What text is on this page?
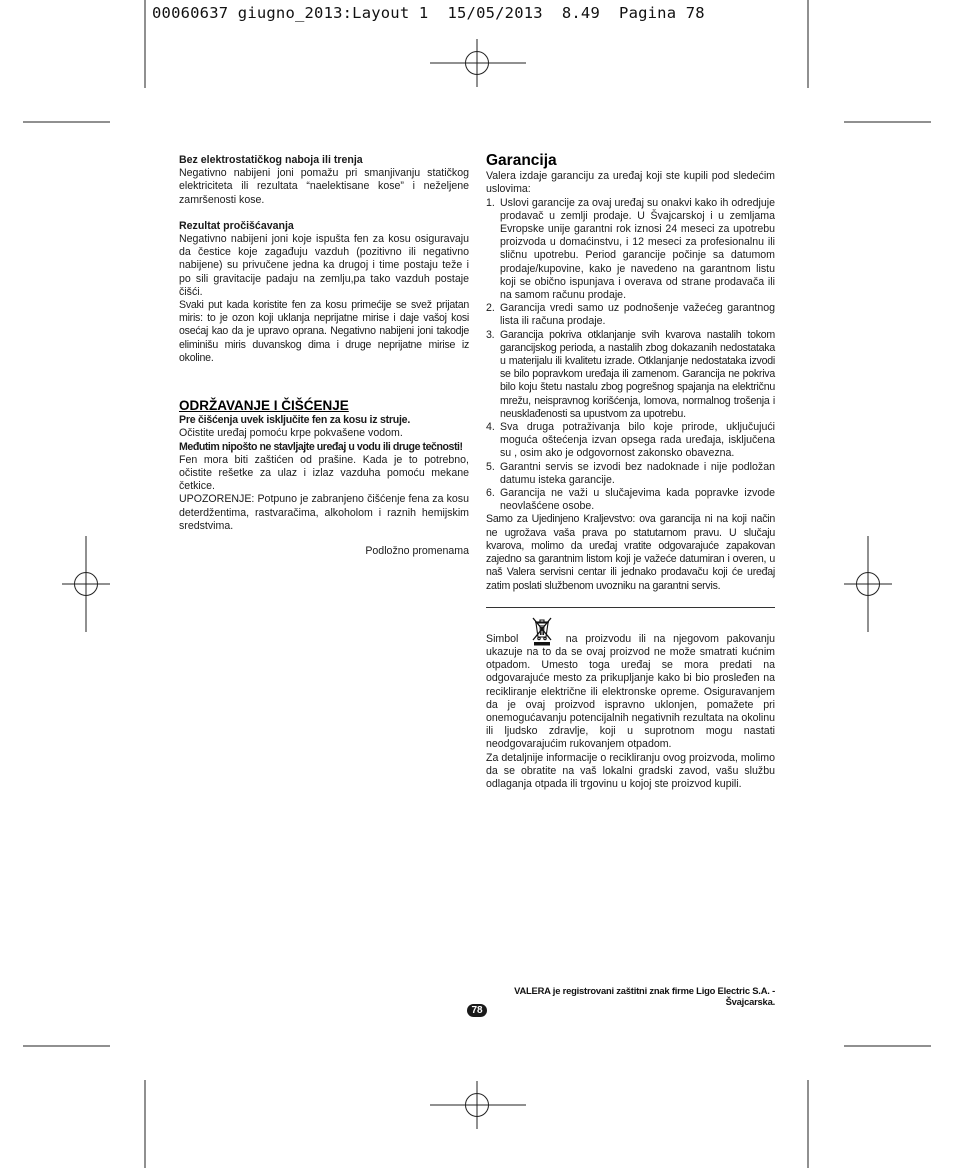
00060637 giugno_2013:Layout 1  15/05/2013  8.49  Pagina 78

Bez elektrostatičkog naboja ili trenja

Negativno nabijeni joni pomažu pri smanjivanju statičkog elektriciteta ili rezultata “naelektisane kose” i neželjene zamršenosti kose.

Rezultat pročišćavanja

Negativno nabijeni joni koje ispušta fen za kosu osiguravaju da čestice koje zagađuju vazduh (pozitivno ili negativno nabijene) su privučene jedna ka drugoj i time postaju teže i po sili gravitacije padaju na zemlju,pa tako vazduh postaje čišći.

Svaki put kada koristite fen za kosu primećije se svež prijatan miris: to je ozon koji uklanja neprijatne mirise i daje vašoj kosi osećaj kao da je upravo oprana. Negativno nabijeni joni takodje eliminišu miris duvanskog dima i druge neprijatne mirise iz okoline.

ODRŽAVANJE I ČIŠĆENJE

Pre čišćenja uvek isključite fen za kosu iz struje.

Očistite uređaj pomoću krpe pokvašene vodom.

Međutim nipošto ne stavljajte uređaj u vodu ili druge tečnosti!

Fen mora biti zaštićen od prašine. Kada je to potrebno, očistite rešetke za ulaz i izlaz vazduha pomoću mekane četkice.

UPOZORENJE: Potpuno je zabranjeno čišćenje fena za kosu deterdžentima, rastvaračima, alkoholom i raznih hemijskim sredstvima.

Podložno promenama

Garancija

Valera izdaje garanciju za uređaj koji ste kupili pod sledećim uslovima:

1. Uslovi garancije za ovaj uređaj su onakvi kako ih odredjuje prodavač u zemlji prodaje. U Švajcarskoj i u zemljama Evropske unije garantni rok iznosi 24 meseci za upotrebu proizvoda u domaćinstvu, i 12 meseci za profesionalnu ili sličnu upotrebu. Period garancije počinje sa datumom prodaje/kupovine, kako je navedeno na garantnom listu koji se obično ispunjava i overava od strane prodavača ili na samom računu prodaje.
2. Garancija vredi samo uz podnošenje važećeg garantnog lista ili računa prodaje.
3. Garancija pokriva otklanjanje svih kvarova nastalih tokom garancijskog perioda, a nastalih zbog dokazanih nedostataka u materijalu ili kvalitetu izrade. Otklanjanje nedostataka izvodi se bilo popravkom uređaja ili zamenom. Garancija ne pokriva bilo koju štetu nastalu zbog pogrešnog spajanja na električnu mrežu, neispravnog korišćenja, lomova, normalnog trošenja i neusklađenosti sa upustvom za upotrebu.
4. Sva druga potraživanja bilo koje prirode, uključujući moguća oštećenja izvan opsega rada uređaja, isključena su , osim ako je odgovornost zakonsko obavezna.
5. Garantni servis se izvodi bez nadoknade i nije podložan datumu isteka garancije.
6. Garancija ne važi u slučajevima kada popravke izvode neovlašćene osobe.

Samo za Ujedinjeno Kraljevstvo: ova garancija ni na koji način ne ugrožava vaša prava po statutarnom pravu. U slučaju kvarova, molimo da uređaj vratite odgovarajuće zapakovan zajedno sa garantnim listom koji je važeće datumiran i overen, u naš Valera servisni centar ili jednako prodavaču koji će uređaj zatim poslati službenom uvozniku na garantni servis.

Simbol	na proizvodu ili na njegovom pakovanju ukazuje na to da se ovaj proizvod ne može smatrati kućnim otpadom. Umesto toga uređaj se mora predati na odgovarajuće mesto za prikupljanje kako bi bio prosleđen na recikliranje električne ili elektronske opreme. Osiguravanjem da je ovaj proizvod ispravno uklonjen, pomažete pri onemogućavanju potencijalnih negativnih rezultata na okolinu ili ljudsko zdravlje, koji u suprotnom mogu nastati neodgovarajućim rukovanjem otpadom.

Za detaljnije informacije o recikliranju ovog proizvoda, molimo da se obratite na vaš lokalni gradski zavod, vašu službu odlaganja otpada ili trgovinu u kojoj ste proizvod kupili.

VALERA je registrovani zaštitni znak firme Ligo Electric S.A. - Švajcarska.
78
